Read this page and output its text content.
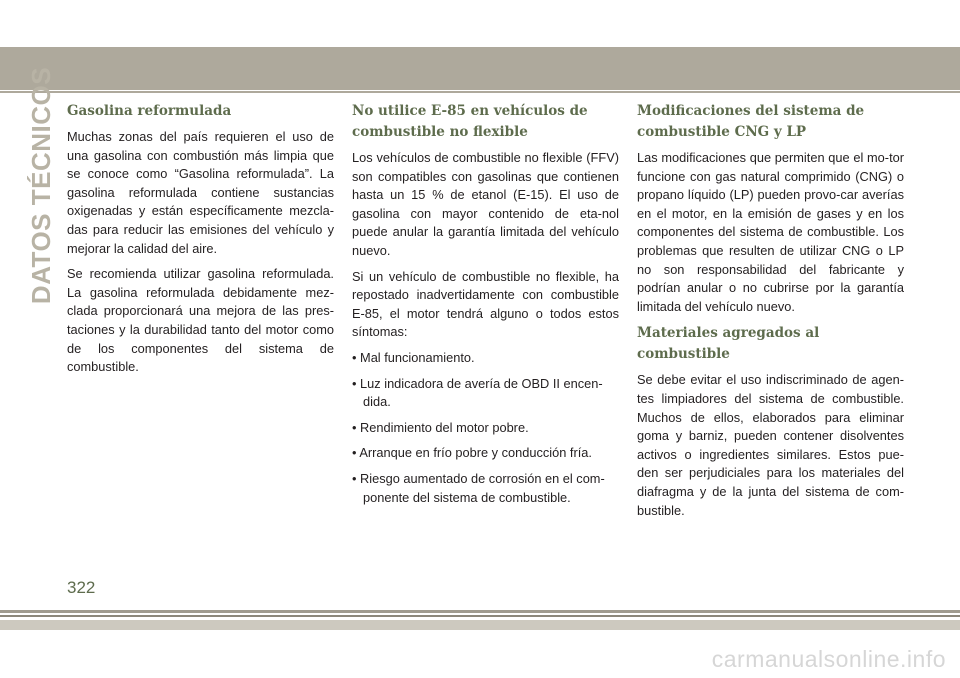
DATOS TÉCNICOS Gasolina reformulada

Muchas zonas del país requieren el uso de una gasolina con combustión más limpia que se conoce como “Gasolina reformulada”. La gasolina reformulada contiene sustancias oxigenadas y están específicamente mezcla-das para reducir las emisiones del vehículo y mejorar la calidad del aire.

Se recomienda utilizar gasolina reformulada. La gasolina reformulada debidamente mez-clada proporcionará una mejora de las pres-taciones y la durabilidad tanto del motor como de los componentes del sistema de combustible.

No utilice E-85 en vehículos de combustible no flexible

Los vehículos de combustible no flexible (FFV) son compatibles con gasolinas que contienen hasta un 15 % de etanol (E-15). El uso de gasolina con mayor contenido de eta-nol puede anular la garantía limitada del vehículo nuevo.

Si un vehículo de combustible no flexible, ha repostado inadvertidamente con combustible E-85, el motor tendrá alguno o todos estos síntomas:

• Mal funcionamiento.
• Luz indicadora de avería de OBD II encen-dida.
• Rendimiento del motor pobre.
• Arranque en frío pobre y conducción fría.
• Riesgo aumentado de corrosión en el com-ponente del sistema de combustible.
Modificaciones del sistema de combustible CNG y LP

Las modificaciones que permiten que el mo-tor funcione con gas natural comprimido (CNG) o propano líquido (LP) pueden provo-car averías en el motor, en la emisión de gases y en los componentes del sistema de combustible. Los problemas que resulten de utilizar CNG o LP no son responsabilidad del fabricante y podrían anular o no cubrirse por la garantía limitada del vehículo nuevo.

Materiales agregados al combustible

Se debe evitar el uso indiscriminado de agen-tes limpiadores del sistema de combustible. Muchos de ellos, elaborados para eliminar goma y barniz, pueden contener disolventes activos o ingredientes similares. Estos pue-den ser perjudiciales para los materiales del diafragma y de la junta del sistema de com-bustible.

322
carmanualsonline.info
